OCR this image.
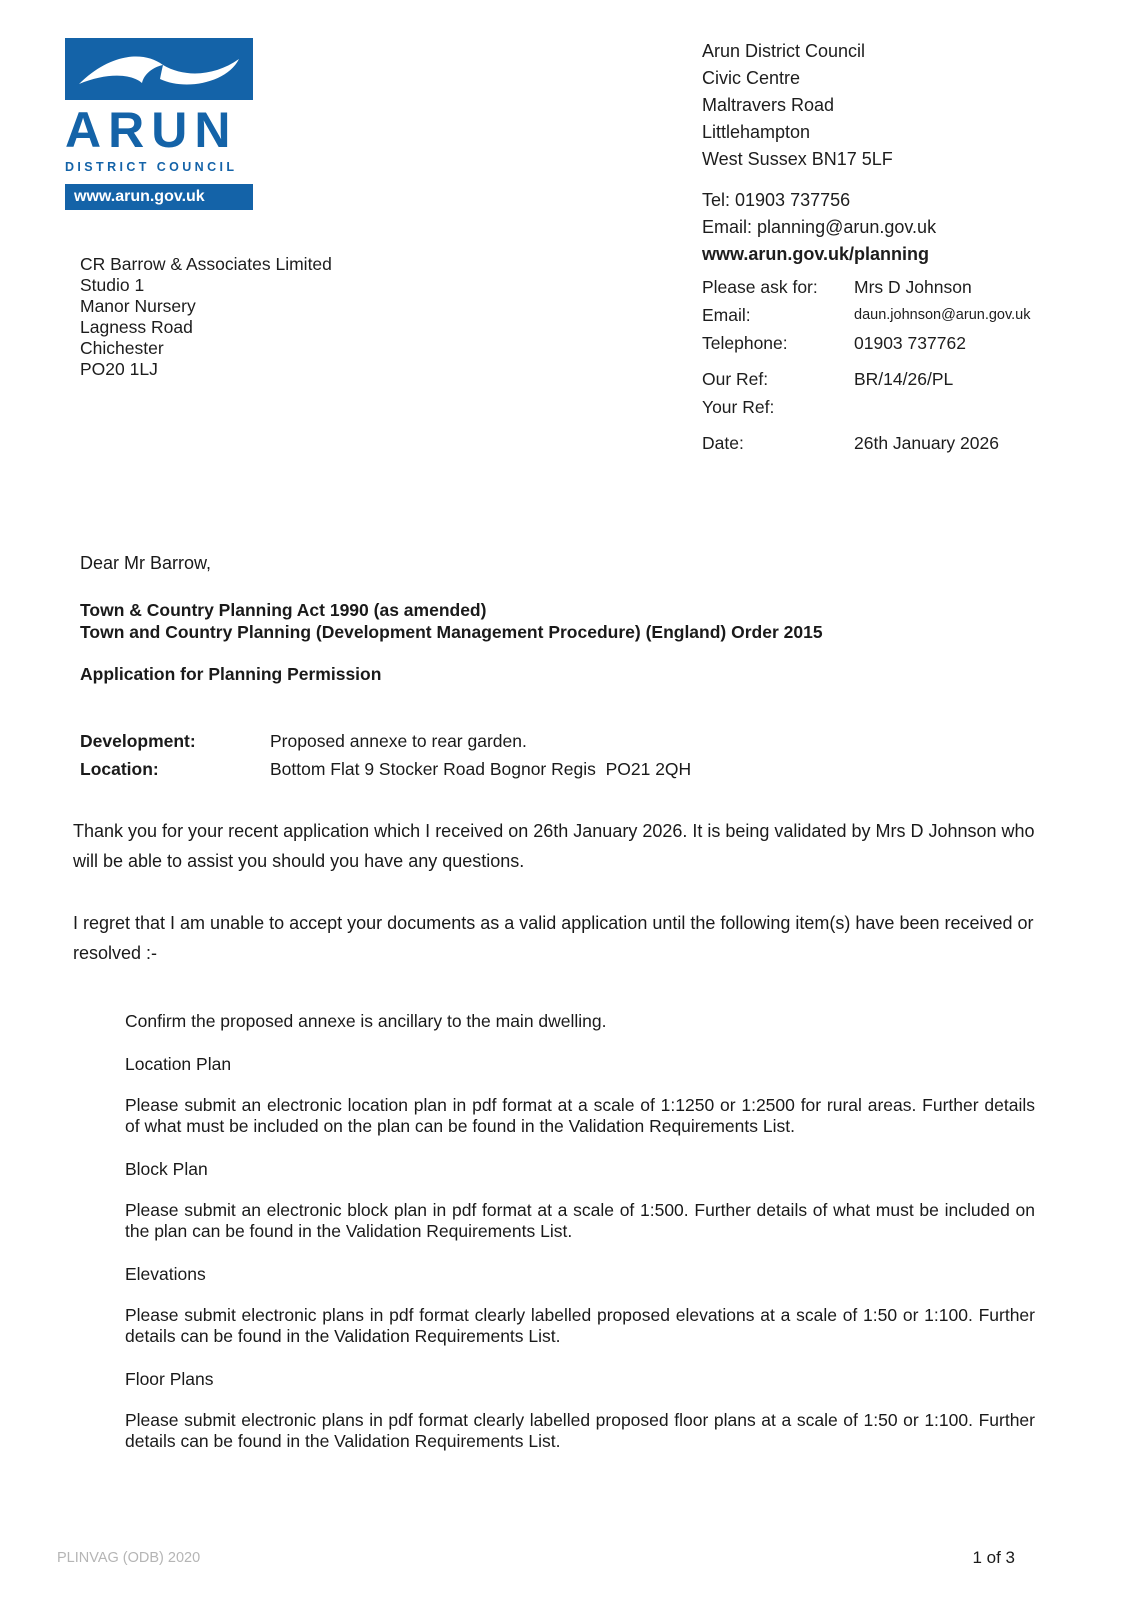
ARUN
DISTRICT COUNCIL
www.arun.gov.uk
CR Barrow & Associates Limited
Studio 1
Manor Nursery
Lagness Road
Chichester
PO20 1LJ
Arun District Council
Civic Centre
Maltravers Road
Littlehampton
West Sussex BN17 5LF
Tel: 01903 737756
Email: planning@arun.gov.uk
www.arun.gov.uk/planning
Please ask for:	Mrs D Johnson
Email:	daun.johnson@arun.gov.uk
Telephone:	01903 737762
Our Ref:	BR/14/26/PL
Your Ref:
Date:	26th January 2026
Dear Mr Barrow,
Town & Country Planning Act 1990 (as amended)
Town and Country Planning (Development Management Procedure) (England) Order 2015
Application for Planning Permission
Development:	Proposed annexe to rear garden.
Location:	Bottom Flat 9 Stocker Road Bognor Regis  PO21 2QH
Thank you for your recent application which I received on 26th January 2026. It is being validated by Mrs D Johnson who will be able to assist you should you have any questions.
I regret that I am unable to accept your documents as a valid application until the following item(s) have been received or resolved :-
Confirm the proposed annexe is ancillary to the main dwelling.
Location Plan
Please submit an electronic location plan in pdf format at a scale of 1:1250 or 1:2500 for rural areas. Further details of what must be included on the plan can be found in the Validation Requirements List.
Block Plan
Please submit an electronic block plan in pdf format at a scale of 1:500. Further details of what must be included on the plan can be found in the Validation Requirements List.
Elevations
Please submit electronic plans in pdf format clearly labelled proposed elevations at a scale of 1:50 or 1:100. Further details can be found in the Validation Requirements List.
Floor Plans
Please submit electronic plans in pdf format clearly labelled proposed floor plans at a scale of 1:50 or 1:100. Further details can be found in the Validation Requirements List.
PLINVAG (ODB) 2020	1 of 3
